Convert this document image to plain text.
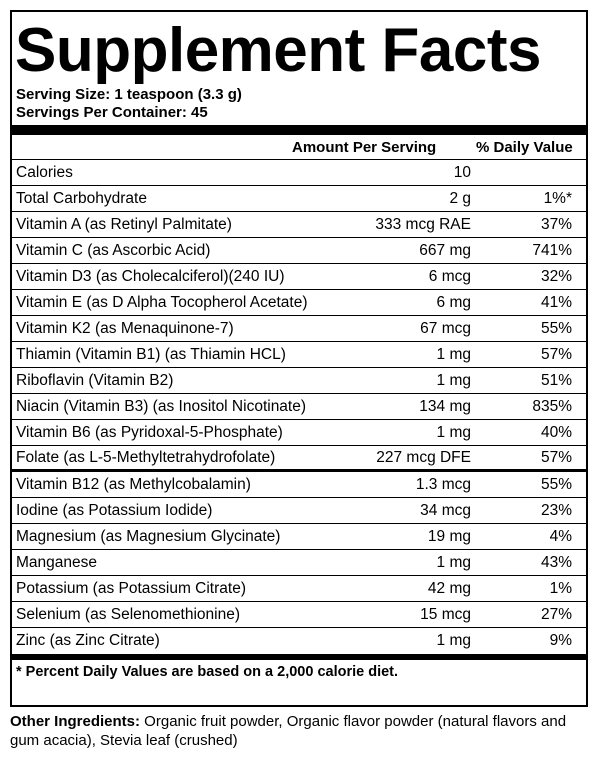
Supplement Facts
Serving Size: 1 teaspoon (3.3 g)
Servings Per Container: 45
Amount Per Serving	% Daily Value
Calories	10
Total Carbohydrate	2 g	1%*
Vitamin A (as Retinyl Palmitate)	333 mcg RAE	37%
Vitamin C (as Ascorbic Acid)	667 mg	741%
Vitamin D3 (as Cholecalciferol)(240 IU)	6 mcg	32%
Vitamin E (as D Alpha Tocopherol Acetate)	6 mg	41%
Vitamin K2 (as Menaquinone-7)	67 mcg	55%
Thiamin (Vitamin B1) (as Thiamin HCL)	1 mg	57%
Riboflavin (Vitamin B2)	1 mg	51%
Niacin (Vitamin B3) (as Inositol Nicotinate)	134 mg	835%
Vitamin B6 (as Pyridoxal-5-Phosphate)	1 mg	40%
Folate (as L-5-Methyltetrahydrofolate)	227 mcg DFE	57%
Vitamin B12 (as Methylcobalamin)	1.3 mcg	55%
Iodine (as Potassium Iodide)	34 mcg	23%
Magnesium (as Magnesium Glycinate)	19 mg	4%
Manganese	1 mg	43%
Potassium (as Potassium Citrate)	42 mg	1%
Selenium (as Selenomethionine)	15 mcg	27%
Zinc (as Zinc Citrate)	1 mg	9%
* Percent Daily Values are based on a 2,000 calorie diet.
Other Ingredients: Organic fruit powder, Organic flavor powder (natural flavors and gum acacia), Stevia leaf (crushed)
